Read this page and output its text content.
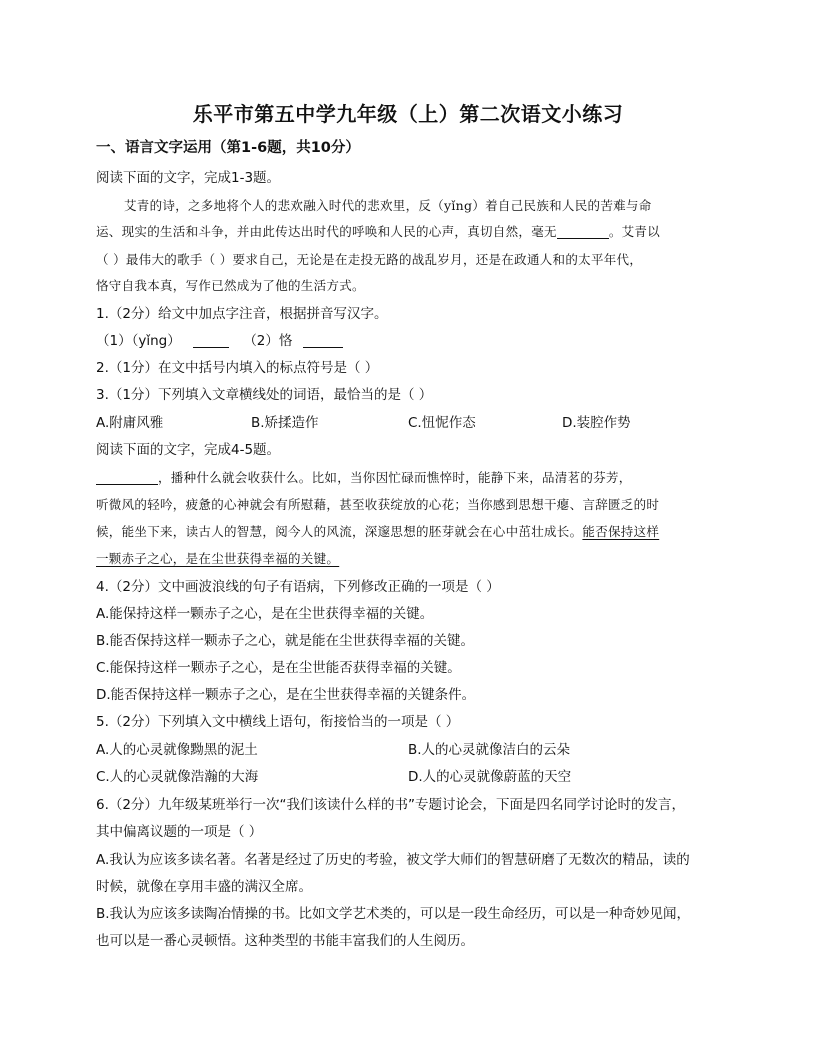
乐平市第五中学九年级（上）第二次语文小练习
一、语言文字运用（第1-6题，共10分）
阅读下面的文字，完成1-3题。
艾青的诗，之多地将个人的悲欢融入时代的悲欢里，反（yǐng）着自己民族和人民的苦难与命
运、现实的生活和斗争，并由此传达出时代的呼唤和人民的心声，真切自然，毫无	。艾青以
（ ）最伟大的歌手（ ）要求自己，无论是在走投无路的战乱岁月，还是在政通人和的太平年代，
恪守自我本真，写作已然成为了他的生活方式。
1.（2分）给文中加点字注音，根据拼音写汉字。
（1）（yǐng）	（2）恪
2.（1分）在文中括号内填入的标点符号是（ ）
3.（1分）下列填入文章横线处的词语，最恰当的是（ ）
A.附庸风雅	B.矫揉造作	C.忸怩作态	D.装腔作势
阅读下面的文字，完成4-5题。
，播种什么就会收获什么。比如，当你因忙碌而憔悴时，能静下来，品清茗的芬芳，
听微风的轻吟，疲惫的心神就会有所慰藉，甚至收获绽放的心花；当你感到思想干瘪、言辞匮乏的时
候，能坐下来，读古人的智慧，阅今人的风流，深邃思想的胚芽就会在心中茁壮成长。能否保持这样
一颗赤子之心，是在尘世获得幸福的关键。
4.（2分）文中画波浪线的句子有语病，下列修改正确的一项是（ ）
A.能保持这样一颗赤子之心，是在尘世获得幸福的关键。
B.能否保持这样一颗赤子之心，就是能在尘世获得幸福的关键。
C.能保持这样一颗赤子之心，是在尘世能否获得幸福的关键。
D.能否保持这样一颗赤子之心，是在尘世获得幸福的关键条件。
5.（2分）下列填入文中横线上语句，衔接恰当的一项是（ ）
A.人的心灵就像黝黑的泥土	B.人的心灵就像洁白的云朵
C.人的心灵就像浩瀚的大海	D.人的心灵就像蔚蓝的天空
6.（2分）九年级某班举行一次“我们该读什么样的书”专题讨论会，下面是四名同学讨论时的发言，
其中偏离议题的一项是（ ）
A.我认为应该多读名著。名著是经过了历史的考验，被文学大师们的智慧研磨了无数次的精品，读的
时候，就像在享用丰盛的满汉全席。
B.我认为应该多读陶冶情操的书。比如文学艺术类的，可以是一段生命经历，可以是一种奇妙见闻，
也可以是一番心灵顿悟。这种类型的书能丰富我们的人生阅历。
